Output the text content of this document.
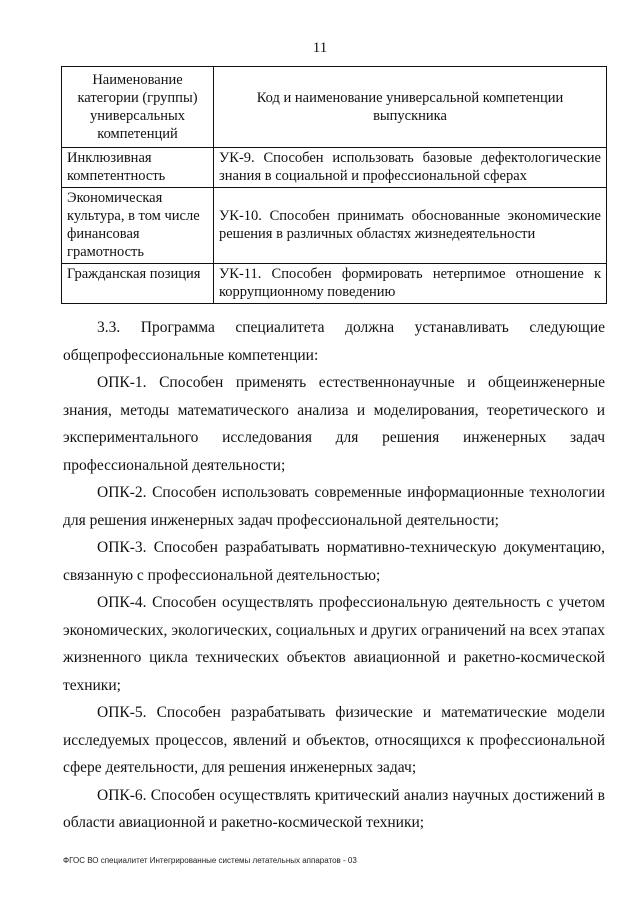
11
Наименование категории (группы) универсальных компетенций	Код и наименование универсальной компетенции выпускника
Инклюзивная компетентность	УК-9. Способен использовать базовые дефектологические знания в социальной и профессиональной сферах
Экономическая культура, в том числе финансовая грамотность	УК-10. Способен принимать обоснованные экономические решения в различных областях жизнедеятельности
Гражданская позиция	УК-11. Способен формировать нетерпимое отношение к коррупционному поведению

3.3. Программа специалитета должна устанавливать следующие общепрофессиональные компетенции:

ОПК-1. Способен применять естественнонаучные и общеинженерные знания, методы математического анализа и моделирования, теоретического и экспериментального исследования для решения инженерных задач профессиональной деятельности;

ОПК-2. Способен использовать современные информационные технологии для решения инженерных задач профессиональной деятельности;

ОПК-3. Способен разрабатывать нормативно-техническую документацию, связанную с профессиональной деятельностью;

ОПК-4. Способен осуществлять профессиональную деятельность с учетом экономических, экологических, социальных и других ограничений на всех этапах жизненного цикла технических объектов авиационной и ракетно-космической техники;

ОПК-5. Способен разрабатывать физические и математические модели исследуемых процессов, явлений и объектов, относящихся к профессиональной сфере деятельности, для решения инженерных задач;

ОПК-6. Способен осуществлять критический анализ научных достижений в области авиационной и ракетно-космической техники;

ФГОС ВО специалитет Интегрированные системы летательных аппаратов - 03
